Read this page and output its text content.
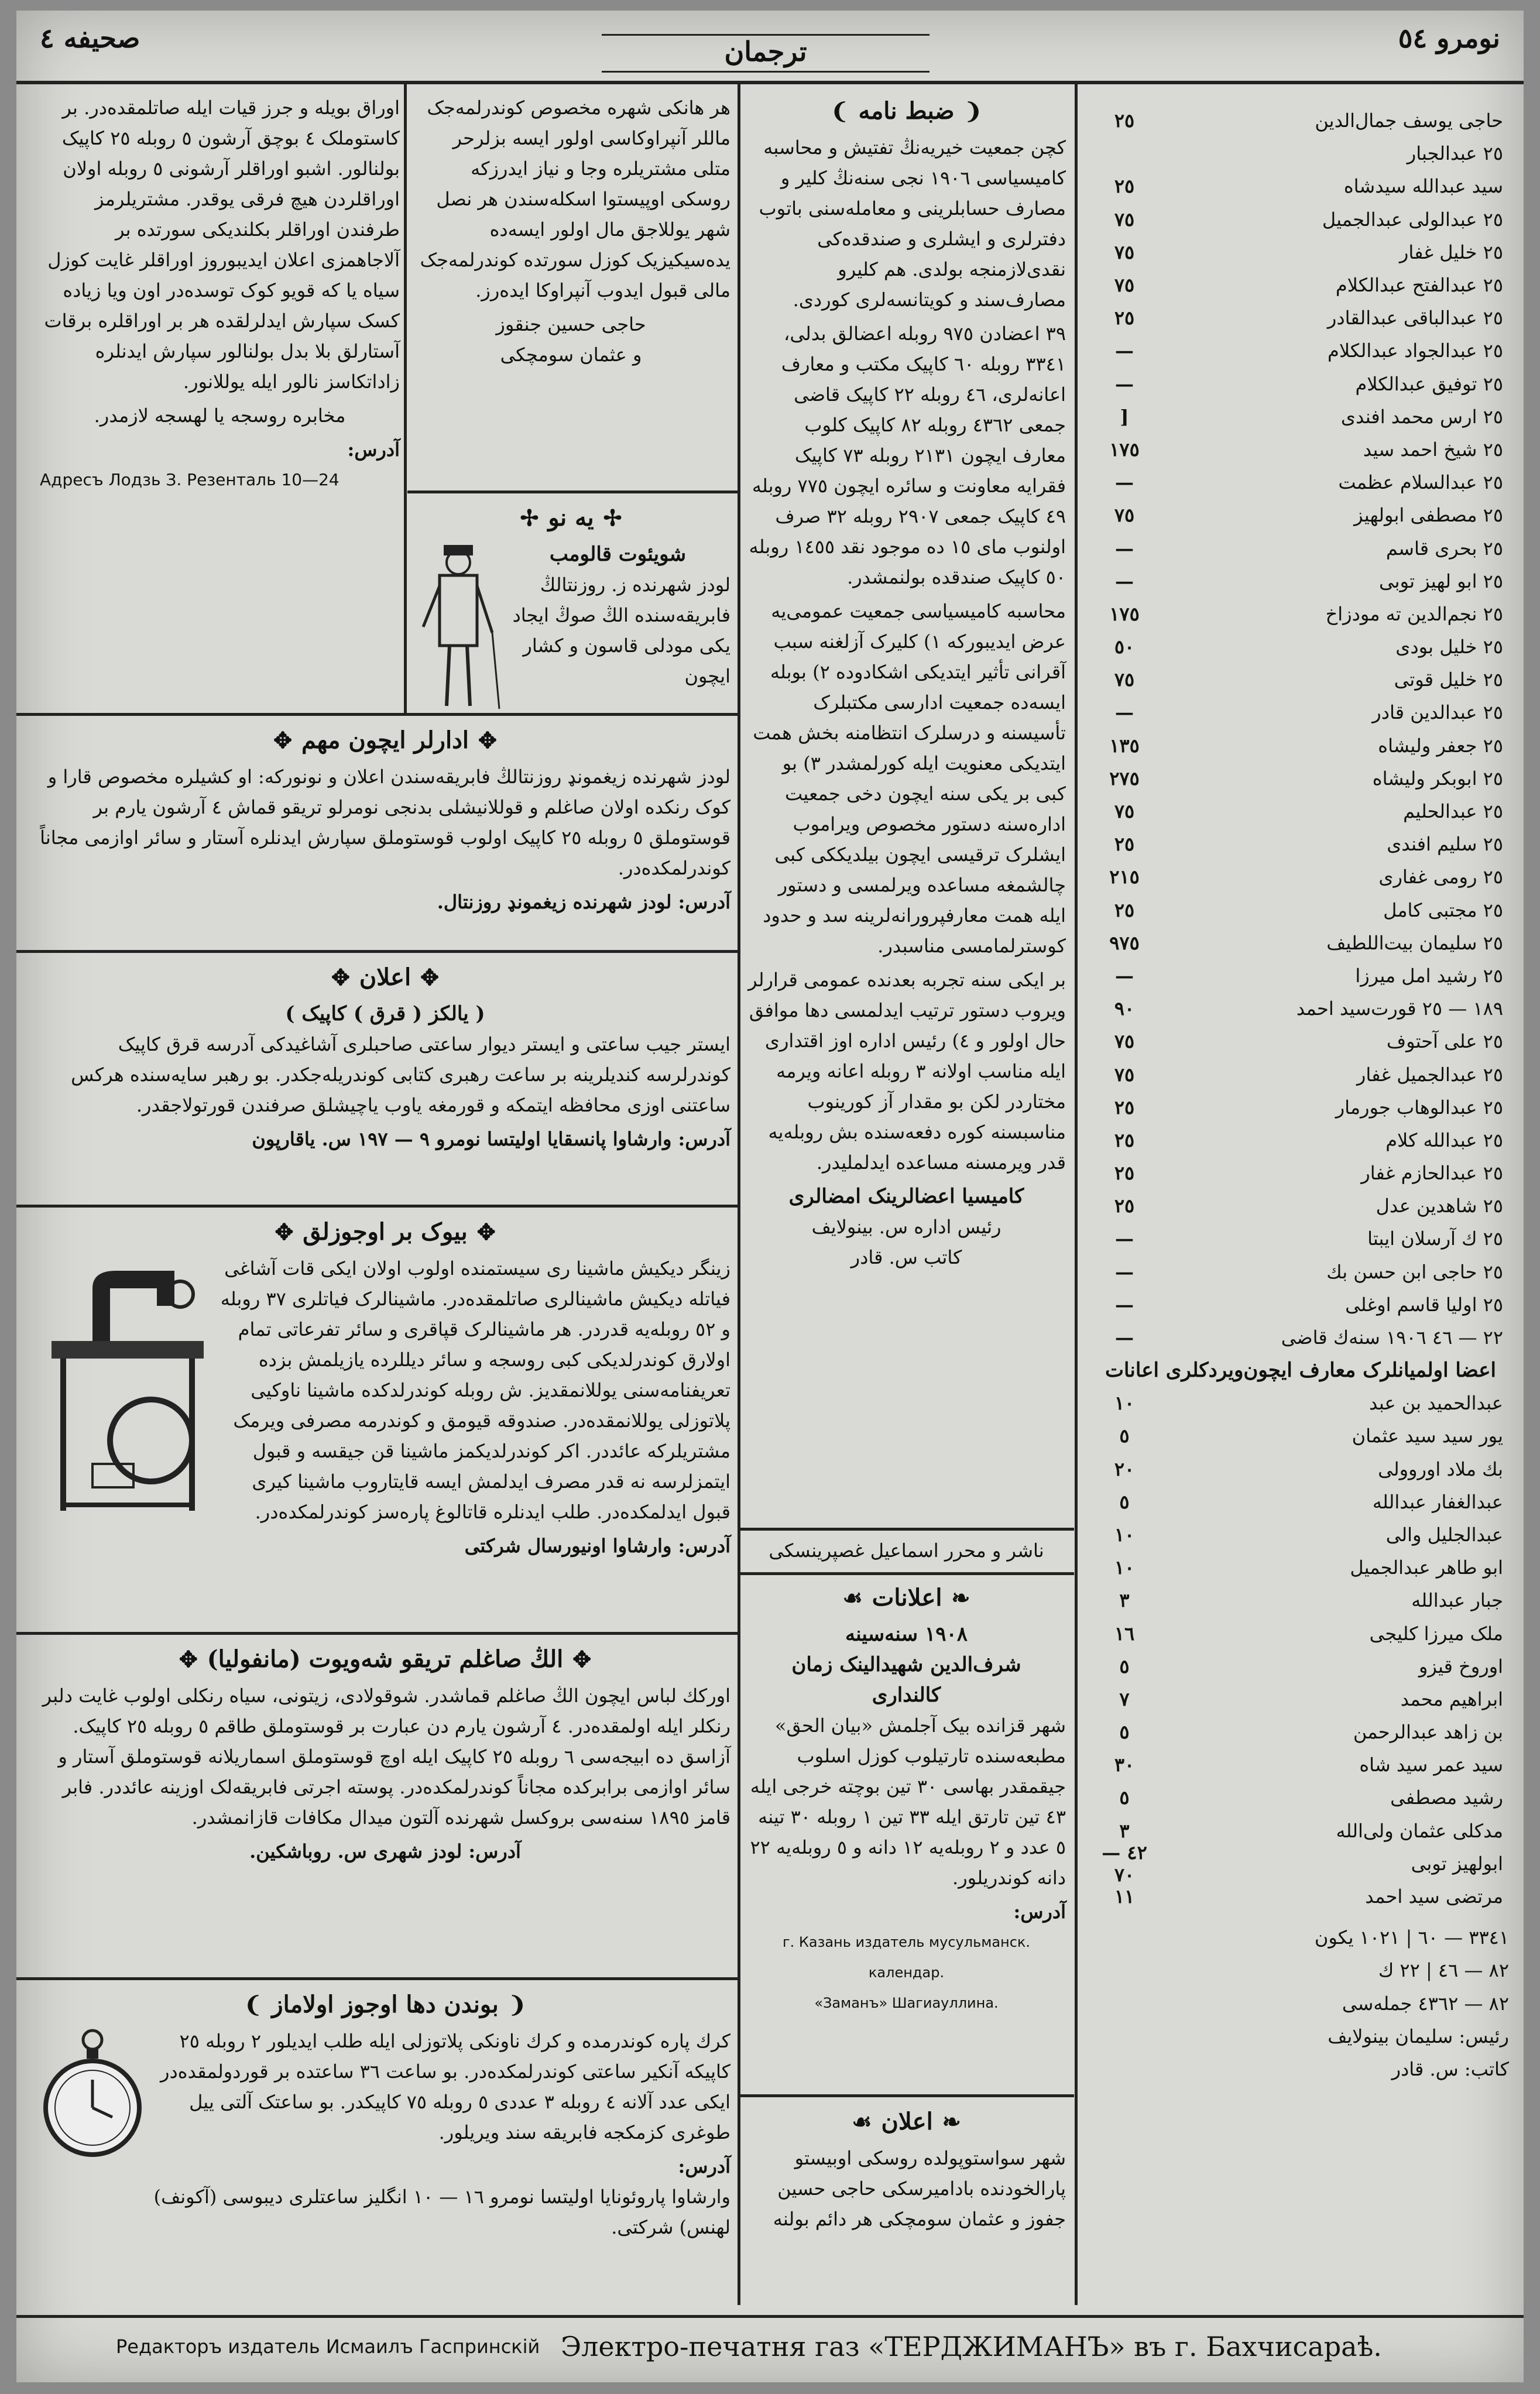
صحیفه ٤	ترجمان	نومرو ٥٤
❨ضبط نامه❩

کچن جمعیت خیریه‌نڭ تفتیش و محاسبه کامیسیاسی ١٩٠٦ نجی سنه‌نڭ کلیر و مصارف حسابلرینی و معامله‌سنی باتوب دفترلری و ایشلری و صندقده‌کی نقدی‌لازمنجه بولدی. هم کلیرو مصارف‌سند و کویتانسه‌لری کوردی.

٣٩ اعضادن ٩٧٥ روبله اعضالق بدلی، ٣٣٤١ روبله ٦٠ کاپیک مکتب و معارف اعانه‌لری، ٤٦ روبله ٢٢ کاپیک قاضی جمعی ٤٣٦٢ روبله ٨٢ کاپیک کلوب معارف ایچون ٢١٣١ روبله ٧٣ کاپیک فقرایه معاونت و سائره ایچون ٧٧٥ روبله ٤٩ کاپیک جمعی ٢٩٠٧ روبله ٣٢ صرف اولنوب مای ١٥ ده موجود نقد ١٤٥٥ روبله ٥٠ کاپیک صندقده بولنمشدر.

محاسبه کامیسیاسی جمعیت عمومی‌یه عرض ایدیبورکه ١) کلیرک آزلغنه سبب آقرانی تأثیر ایتدیکی اشکادوده ٢) بوبله ایسه‌ده جمعیت ادارسی مکتبلرک تأسیسنه و درسلرک انتظامنه بخش همت ایتدیکی معنویت ایله کورلمشدر ٣) بو کبی بر یکی سنه ایچون دخی جمعیت اداره‌سنه دستور مخصوص ویراموب ایشلرک ترقیسی ایچون بیلدیککی کبی چالشمغه مساعده ویرلمسی و دستور ایله همت معارفپرورانه‌لرینه سد و حدود کوسترلمامسی مناسبدر.

بر ایکی سنه تجربه بعدنده عمومی قرارلر ویروب دستور ترتیب ایدلمسی دها موافق حال اولور و ٤) رئیس اداره اوز اقتداری ایله مناسب اولانه ٣ روبله اعانه ویرمه مختاردر لکن بو مقدار آز کورینوب مناسبسنه کوره دفعه‌سنده بش روبله‌یه قدر ویرمسنه مساعده ایدلملیدر.

کامیسیا اعضالرینک امضالری
رئیس اداره س. بینولایف
کاتب س. قادر
ناشر و محرر اسماعیل غصپرینسکی
❧اعلانات☙
١٩٠٨ سنه‌سینه
شرف‌الدین شهیدالینک زمان
کالنداری

شهر قزانده بیک آجلمش «بیان الحق» مطبعه‌سنده تارتیلوب کوزل اسلوب جیقمقدر بهاسی ٣٠ تین بوچته خرجی ایله ٤٣ تین تارتق ایله ٣٣ تین ١ روبله ٣٠ تینه ٥ عدد و ٢ روبله‌یه ١٢ دانه و ٥ روبله‌یه ٢٢ دانه کوندریلور.

آدرس:
г. Казань издатель мусульманск. календар.
«Заманъ» Шагиауллина.
❧اعلان☙

شهر سواستوپولده روسکی اوبیستو پارالخودنده بادامیرسکی حاجی حسین جفوز و عثمان سومچکی هر دائم بولنه

هر هانکی شهره مخصوص کوندرلمه‌جک ماللر آنپراوکاسی اولور ایسه بزلرحر متلی مشتریلره وجا و نیاز ایدرزکه روسکی اوپیستوا اسکله‌سندن هر نصل شهر یوللاجق مال اولور ایسه‌ده یده‌سیکیزیک کوزل سورتده کوندرلمه‌جک مالی قبول ایدوب آنپراوکا ایده‌رز.

حاجی حسین جنقوز
و عثمان سومچکی
✢یه نو✢
شویئوت قالومب

لودز شهرنده ز. روزنتالڭ فابریقه‌سنده الڭ صوڭ ایجاد یکی مودلی قاسون و کشار ایچون

اوراق بویله و جرز قیات ایله صاتلمقده‌در. بر کاستوملک ٤ بوچق آرشون ٥ روبله ٢٥ کاپیک بولنالور. اشبو اوراقلر آرشونی ٥ روبله اولان اوراقلردن هیچ فرقی یوقدر. مشتریلرمز طرفندن اوراقلر بکلندیکی سورتده بر آلاجاهمزی اعلان ایدیبوروز اوراقلر غایت کوزل سیاه یا که قویو کوک توسده‌در اون ویا زیاده کسک سپارش ایدلرلقده هر بر اوراقلره برقات آستارلق بلا بدل بولنالور سپارش ایدنلره زاداتکاسز نالور ایله یوللانور.

مخابره روسجه یا لهسجه لازمدر.

آدرس:
Адресъ Лодзь З. Резенталь 10—24
✥ادارلر ایچون مهم✥

لودز شهرنده زیغمونډ روزنتالڭ فابریقه‌سندن اعلان و نونورکه: او کشیلره مخصوص قارا و کوک رنکده اولان صاغلم و قوللانیشلی بدنجی نومرلو تریقو قماش ٤ آرشون یارم بر قوستوملق ٥ روبله ٢٥ کاپیک اولوب قوستوملق سپارش ایدنلره آستار و سائر اوازمی مجاناً کوندرلمکده‌در.

آدرس: لودز شهرنده زیغمونډ روزنتال.
✥اعلان✥
( یالکز ( قرق ) کاپیک )

ایستر جیب ساعتی و ایستر دیوار ساعتی صاحبلری آشاغیدکی آدرسه قرق کاپیک کوندرلرسه کندیلرینه بر ساعت رهبری کتابی کوندریله‌جکدر. بو رهبر سایه‌سنده هرکس ساعتنی اوزی محافظه ایتمکه و قورمغه یاوب یاچیشلق صرفندن قورتولاجقدر.

آدرس: وارشاوا پانسقایا اولیتسا نومرو ٩ — ١٩٧ س. یاقارپون
✥بیوک بر اوجوزلق✥

زینگر دیکیش ماشینا ری سیستمنده اولوب اولان ایکی قات آشاغی فیاتله دیکیش ماشینالری صاتلمقده‌در. ماشینالرک فیاتلری ٣٧ روبله و ٥٢ روبله‌یه قدردر. هر ماشینالرک قپاقری و سائر تفرعاتی تمام اولارق کوندرلدیکی کبی روسجه و سائر دیللرده یازیلمش بزده تعریفنامه‌سنی یوللانمقدیز. ش روبله کوندرلدکده ماشینا ناوکیی پلاتوزلی یوللانمقده‌در. صندوقه قیومق و کوندرمه مصرفی ویرمک مشتریلرکه عائددر. اکر کوندرلدیکمز ماشینا قن جیقسه و قبول ایتمزلرسه نه قدر مصرف ایدلمش ایسه قایتاروب ماشینا کیری قبول ایدلمکده‌در. طلب ایدنلره قاتالوغ پاره‌سز کوندرلمکده‌در.

آدرس: وارشاوا اونیورسال شرکتی
✥الڭ صاغلم تریقو شه‌ویوت (مانفولیا)✥

اوركك لباس ایچون الڭ صاغلم قماشدر. شوقولادی، زیتونی، سیاه رنکلی اولوب غایت دلبر رنکلر ایله اولمقده‌در. ٤ آرشون یارم دن عبارت بر قوستوملق طاقم ٥ روبله ٢٥ کاپیک. آزاسق ده ابیجه‌سی ٦ روبله ٢٥ کاپیک ایله اوچ قوستوملق اسماریلانه قوستوملق آستار و سائر اوازمی برابرکده مجاناً کوندرلمکده‌در. پوسته اجرتی فابریقه‌لک اوزینه عائددر. فابر قامز ١٨٩٥ سنه‌سی بروکسل شهرنده آلتون میدال مکافات قازانمشدر.

آدرس: لودز شهری س. روباشکین.
❨بوندن دها اوجوز اولاماز❩

کرك پاره کوندرمده و کرك ناونکی پلاتوزلی ایله طلب ایدیلور ٢ روبله ٢٥ کاپیکه آنکیر ساعتی کوندرلمکده‌در. بو ساعت ٣٦ ساعتده بر قوردولمقده‌در ایکی عدد آلانه ٤ روبله ٣ عددی ٥ روبله ٧٥ کاپیکدر. بو ساعتک آلتی ییل طوغری کزمکجه فابریقه سند ویریلور.

آدرس:

وارشاوا پاروئونایا اولیتسا نومرو ١٦ — ١٠ انگلیز ساعتلری دیبوسی (آکونف) لهنس) شرکتی.

حاجی یوسف جمال‌الدین
٢٥
٢٥ عبدالجبار
سید عبدالله سیدشاه
٢٥
٢٥ عبدالولی عبدالجمیل
٧٥
٢٥ خلیل غفار
٧٥
٢٥ عبدالفتح عبدالکلام
٧٥
٢٥ عبدالباقی عبدالقادر
٢٥
٢٥ عبدالجواد عبدالکلام
—
٢٥ توفیق عبدالکلام
—
٢٥ ارس محمد افندی
[
٢٥ شیخ احمد سید
١٧٥
٢٥ عبدالسلام عظمت
—
٢٥ مصطفی ابولهیز
٧٥
٢٥ بحری قاسم
—
٢٥ ابو لهیز توبی
—
٢٥ نجم‌الدین ته مودزاخ
١٧٥
٢٥ خلیل بودی
٥٠
٢٥ خلیل قوتی
٧٥
٢٥ عبدالدین قادر
—
٢٥ جعفر ولیشاه
١٣٥
٢٥ ابوبکر ولیشاه
٢٧٥
٢٥ عبدالحلیم
٧٥
٢٥ سلیم افندی
٢٥
٢٥ رومی غفاری
٢١٥
٢٥ مجتبی کامل
٢٥
٢٥ سلیمان بیت‌اللطیف
٩٧٥
٢٥ رشید امل میرزا
—
١٨٩ — ٢٥ قورت‌سید احمد
٩٠
٢٥ علی آحتوف
٧٥
٢٥ عبدالجمیل غفار
٧٥
٢٥ عبدالوهاب جورمار
٢٥
٢٥ عبدالله کلام
٢٥
٢٥ عبدالحازم غفار
٢٥
٢٥ شاهدین عدل
٢٥
٢٥ ك آرسلان ایبتا
—
٢٥ حاجی ابن حسن بك
—
٢٥ اولیا قاسم اوغلی
—
٢٢ — ٤٦ ١٩٠٦ سنه‌ك قاضی
—
اعضا اولمیانلرک معارف ایچون‌ویردکلری اعانات
عبدالحمید بن عبد
١٠
یور سید سید عثمان
٥
بك ملاد اوروولی
٢٠
عبدالغفار عبدالله
٥
عبدالجلیل والی
١٠
ابو طاهر عبدالجمیل
١٠
جبار عبدالله
٣
ملک میرزا کلیجی
١٦
اوروخ قیزو
٥
ابراهیم محمد
٧
بن زاهد عبدالرحمن
٥
سید عمر سید شاه
٣٠
رشید مصطفی
٥
مدکلی عثمان ولی‌الله
٣
ابولهیز توبی
٤٢ — ٧٠
مرتضی سید احمد
١١
٣٣٤١ — ٦٠ | ١٠٢١ یکون
٨٢ — ٤٦ | ٢٢ ك
٨٢ — ٤٣٦٢ جمله‌سی
رئیس: سلیمان بینولایف
کاتب: س. قادر
Редакторъ издатель Исмаилъ Гаспринскій Электро-печатня газ «ТЕРДЖИМАНЪ» въ г. Бахчисараѣ.
